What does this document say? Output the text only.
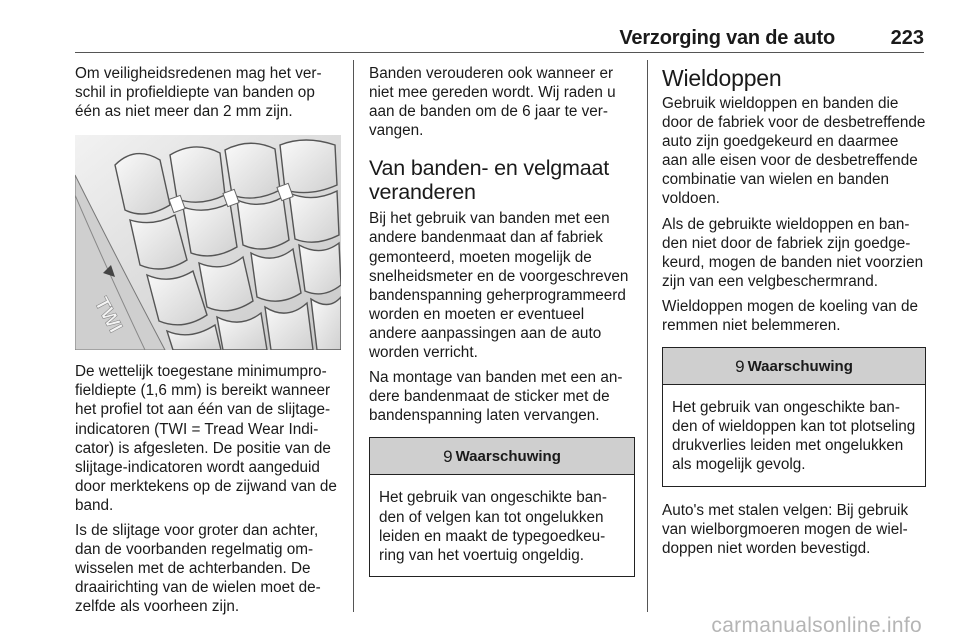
Verzorging van de auto	223

Om veiligheidsredenen mag het verschil in profieldiepte van banden op één as niet meer dan 2 mm zijn.

TWI

De wettelijk toegestane minimumprofieldiepte (1,6 mm) is bereikt wanneer het profiel tot aan één van de slijtage-indicatoren (TWI = Tread Wear Indicator) is afgesleten. De positie van de slijtage-indicatoren wordt aangeduid door merktekens op de zijwand van de band.

Is de slijtage voor groter dan achter, dan de voorbanden regelmatig omwisselen met de achterbanden. De draairichting van de wielen moet dezelfde als voorheen zijn.

Banden verouderen ook wanneer er niet mee gereden wordt. Wij raden u aan de banden om de 6 jaar te vervangen.

Van banden- en velgmaat veranderen

Bij het gebruik van banden met een andere bandenmaat dan af fabriek gemonteerd, moeten mogelijk de snelheidsmeter en de voorgeschreven bandenspanning geherprogrammeerd worden en moeten er eventueel andere aanpassingen aan de auto worden verricht.

Na montage van banden met een andere bandenmaat de sticker met de bandenspanning laten vervangen.

9 Waarschuwing
Het gebruik van ongeschikte banden of velgen kan tot ongelukken leiden en maakt de typegoedkeuring van het voertuig ongeldig.
Wieldoppen

Gebruik wieldoppen en banden die door de fabriek voor de desbetreffende auto zijn goedgekeurd en daarmee aan alle eisen voor de desbetreffende combinatie van wielen en banden voldoen.

Als de gebruikte wieldoppen en banden niet door de fabriek zijn goedgekeurd, mogen de banden niet voorzien zijn van een velgbeschermrand.

Wieldoppen mogen de koeling van de remmen niet belemmeren.

9 Waarschuwing
Het gebruik van ongeschikte banden of wieldoppen kan tot plotseling drukverlies leiden met ongelukken als mogelijk gevolg.

Auto's met stalen velgen: Bij gebruik van wielborgmoeren mogen de wieldoppen niet worden bevestigd.

carmanualsonline.info
